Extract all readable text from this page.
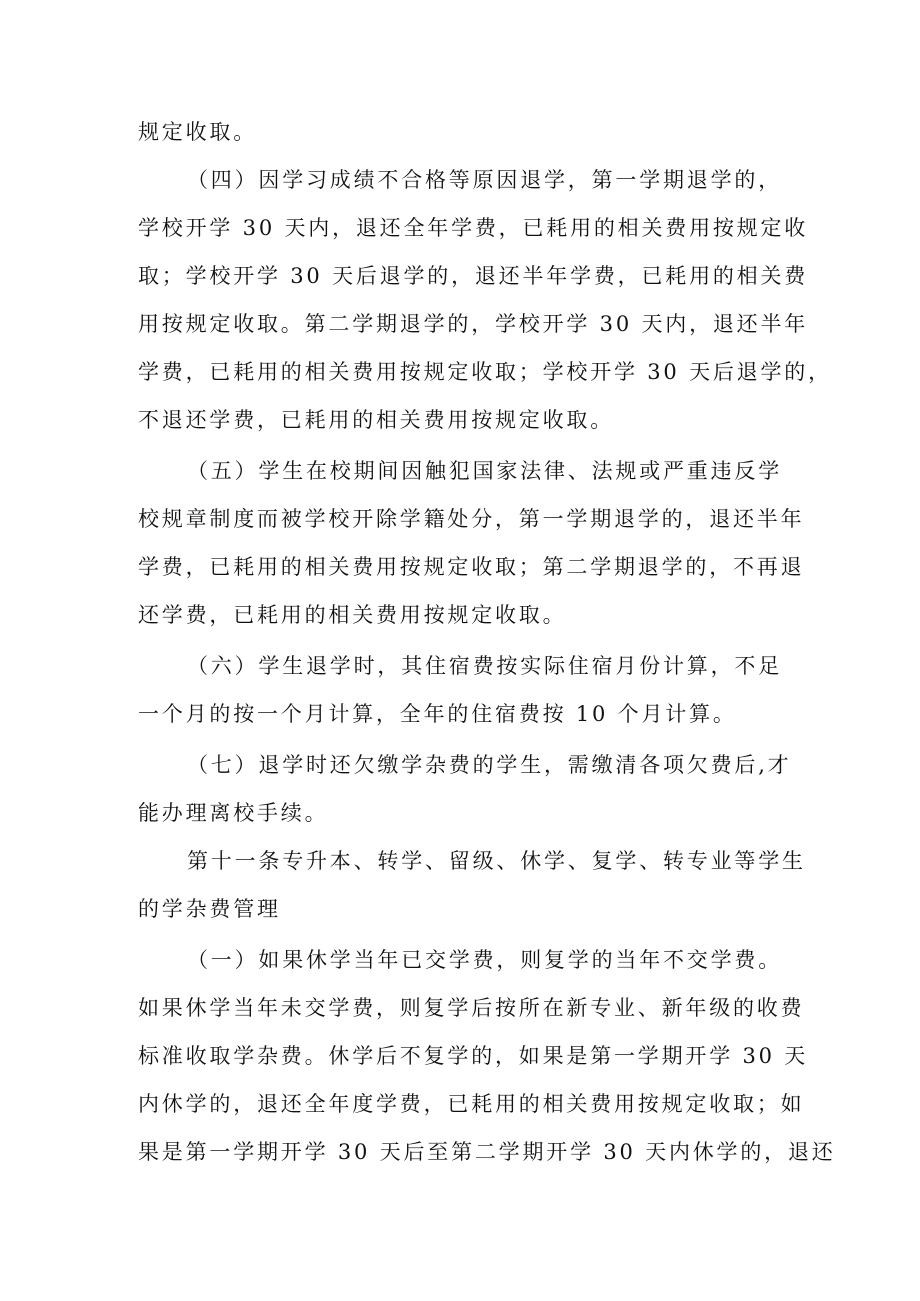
规定收取。
（四）因学习成绩不合格等原因退学，第一学期退学的，
学校开学 30 天内，退还全年学费，已耗用的相关费用按规定收
取；学校开学 30 天后退学的，退还半年学费，已耗用的相关费
用按规定收取。第二学期退学的，学校开学 30 天内，退还半年
学费，已耗用的相关费用按规定收取；学校开学 30 天后退学的，
不退还学费，已耗用的相关费用按规定收取。
（五）学生在校期间因触犯国家法律、法规或严重违反学
校规章制度而被学校开除学籍处分，第一学期退学的，退还半年
学费，已耗用的相关费用按规定收取；第二学期退学的，不再退
还学费，已耗用的相关费用按规定收取。
（六）学生退学时，其住宿费按实际住宿月份计算，不足
一个月的按一个月计算，全年的住宿费按 10 个月计算。
（七）退学时还欠缴学杂费的学生，需缴清各项欠费后,才
能办理离校手续。
第十一条专升本、转学、留级、休学、复学、转专业等学生
的学杂费管理
（一）如果休学当年已交学费，则复学的当年不交学费。
如果休学当年未交学费，则复学后按所在新专业、新年级的收费
标准收取学杂费。休学后不复学的，如果是第一学期开学 30 天
内休学的，退还全年度学费，已耗用的相关费用按规定收取；如
果是第一学期开学 30 天后至第二学期开学 30 天内休学的，退还
